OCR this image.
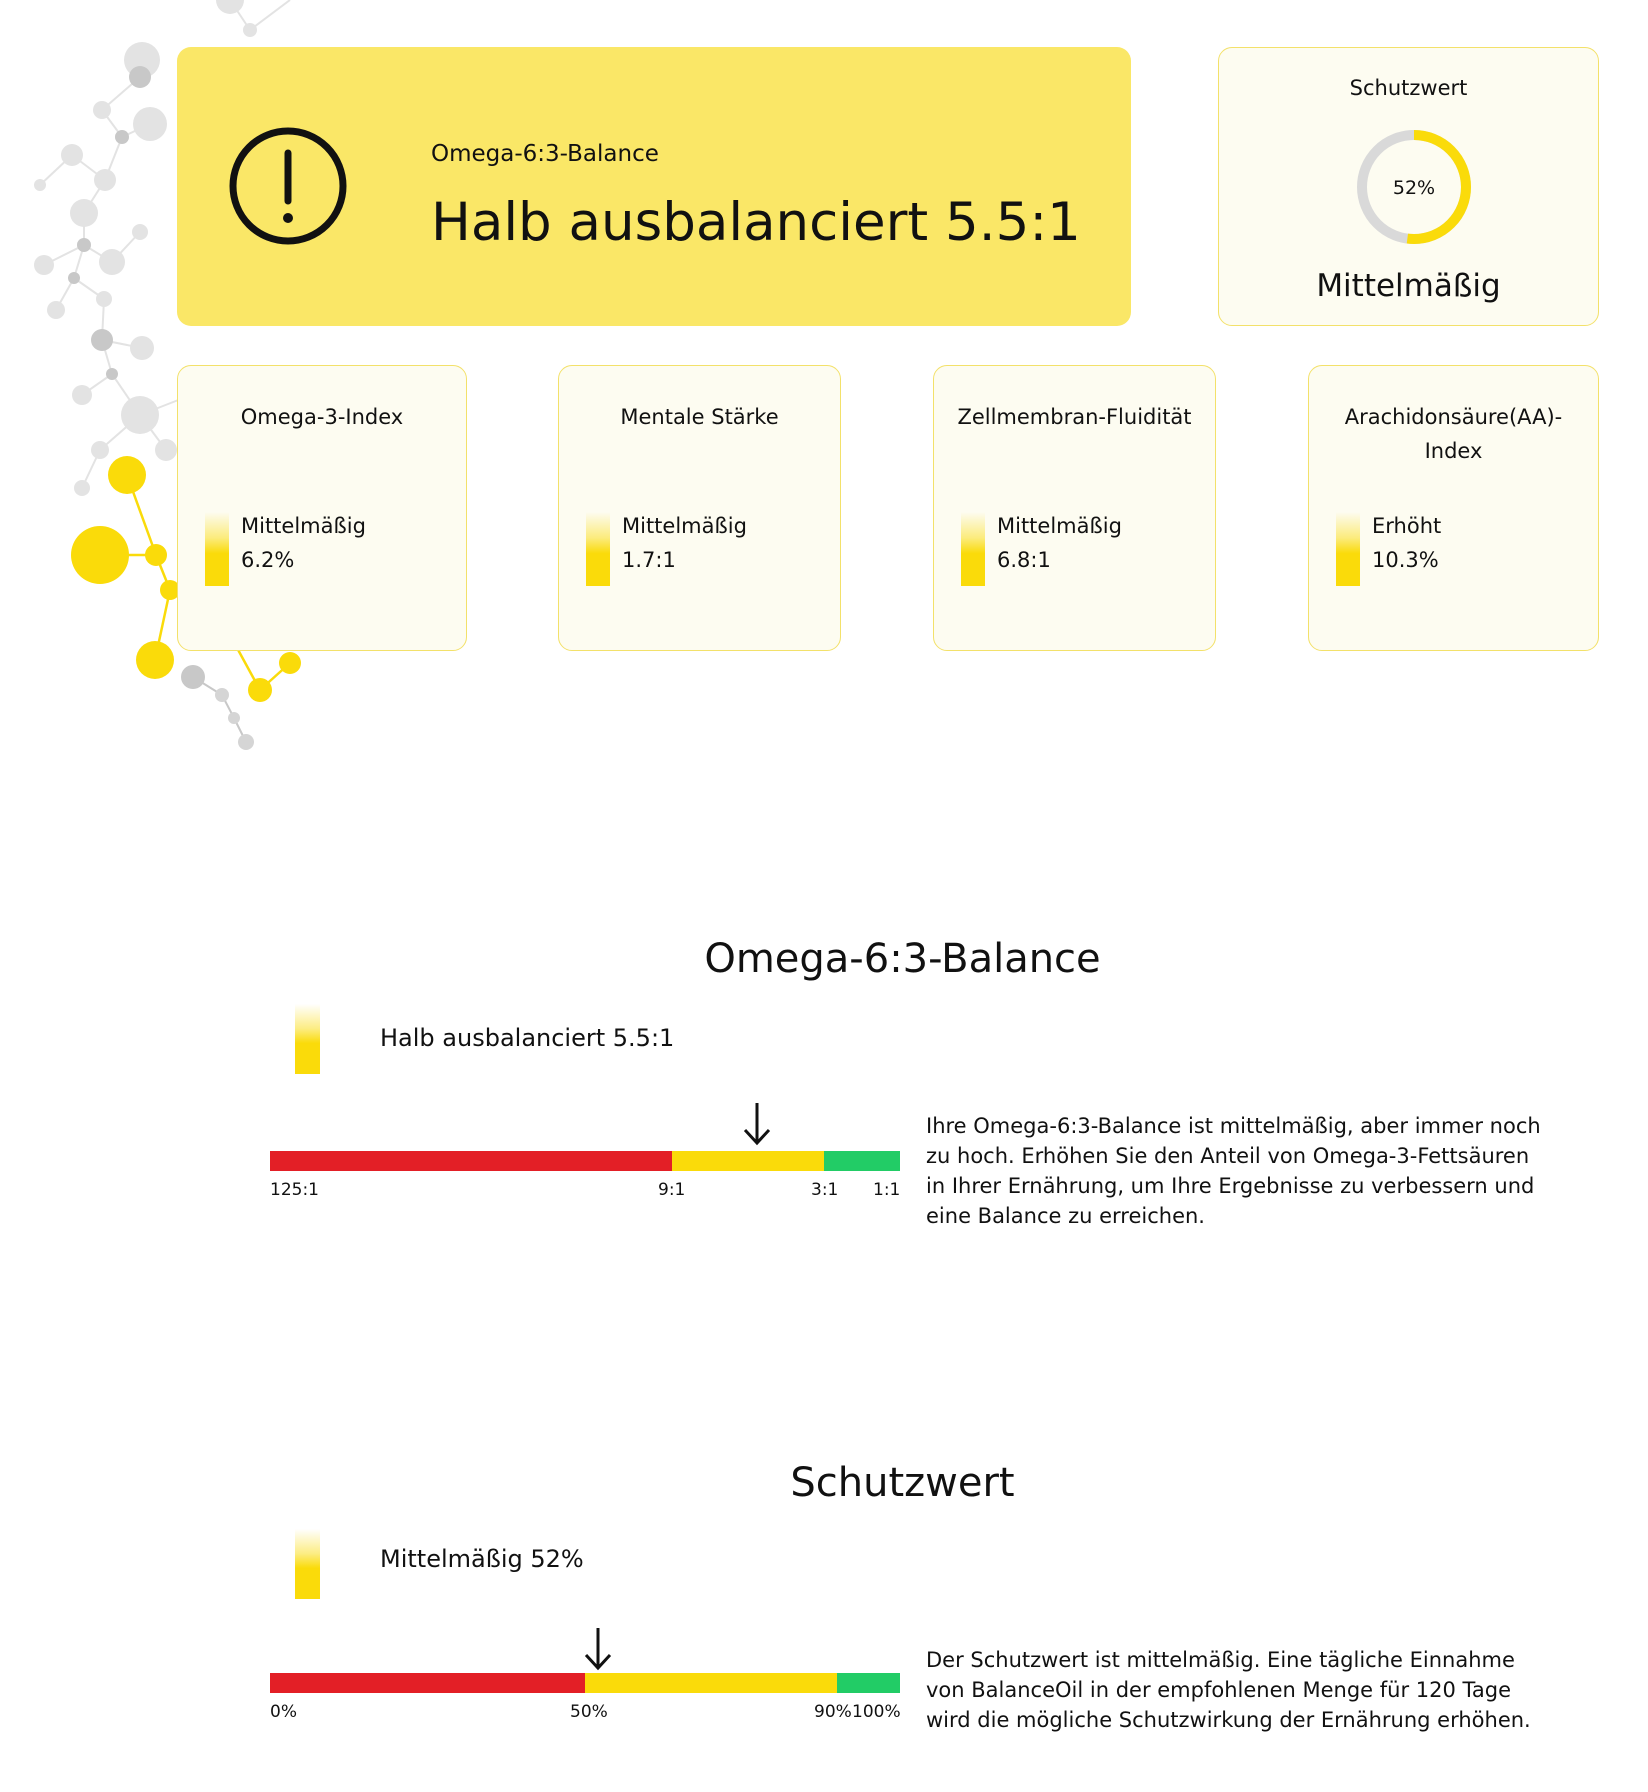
Omega-6:3-Balance
Halb ausbalanciert 5.5:1
Schutzwert
52%
Mittelmäßig
Omega-3-Index
Mittelmäßig
6.2%
Mentale Stärke
Mittelmäßig
1.7:1
Zellmembran-Fluidität
Mittelmäßig
6.8:1
Arachidonsäure(AA)-Index
Erhöht
10.3%
Omega-6:3-Balance
Halb ausbalanciert 5.5:1
125:1	9:1	3:1 1:1
Ihre Omega-6:3-Balance ist mittelmäßig, aber immer noch zu hoch. Erhöhen Sie den Anteil von Omega-3-Fettsäuren in Ihrer Ernährung, um Ihre Ergebnisse zu verbessern und eine Balance zu erreichen.
Schutzwert
Mittelmäßig 52%
0%	50%	90% 100%
Der Schutzwert ist mittelmäßig. Eine tägliche Einnahme von BalanceOil in der empfohlenen Menge für 120 Tage wird die mögliche Schutzwirkung der Ernährung erhöhen.
